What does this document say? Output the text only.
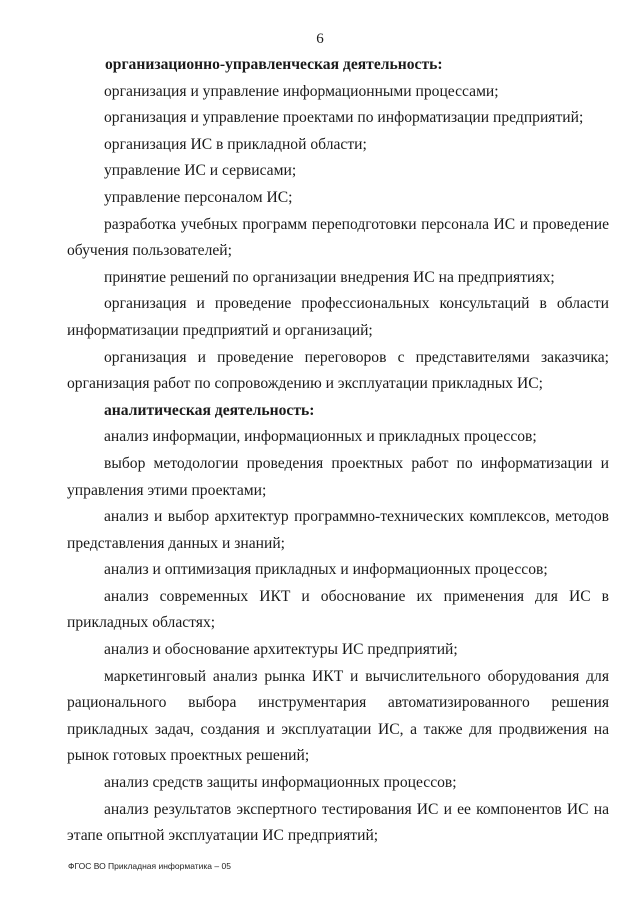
6

организационно-управленческая деятельность:

организация и управление информационными процессами;

организация и управление проектами по информатизации предприятий;

организация ИС в прикладной области;

управление ИС и сервисами;

управление персоналом ИС;

разработка учебных программ переподготовки персонала ИС и проведение обучения пользователей;

принятие решений по организации внедрения ИС на предприятиях;

организация и проведение профессиональных консультаций в области информатизации предприятий и организаций;

организация и проведение переговоров с представителями заказчика; организация работ по сопровождению и эксплуатации прикладных ИС;

аналитическая деятельность:

анализ информации, информационных и прикладных процессов;

выбор методологии проведения проектных работ по информатизации и управления этими проектами;

анализ и выбор архитектур программно-технических комплексов, методов представления данных и знаний;

анализ и оптимизация прикладных и информационных процессов;

анализ современных ИКТ и обоснование их применения для ИС в прикладных областях;

анализ и обоснование архитектуры ИС предприятий;

маркетинговый анализ рынка ИКТ и вычислительного оборудования для рационального выбора инструментария автоматизированного решения прикладных задач, создания и эксплуатации ИС, а также для продвижения на рынок готовых проектных решений;

анализ средств защиты информационных процессов;

анализ результатов экспертного тестирования ИС и ее компонентов ИС на этапе опытной эксплуатации ИС предприятий;

ФГОС ВО Прикладная информатика – 05
